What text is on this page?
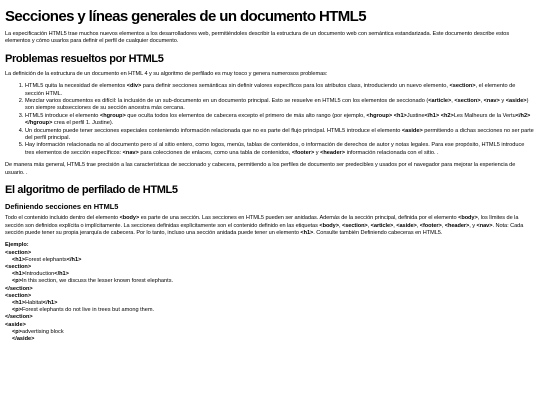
Secciones y líneas generales de un documento HTML5

La especificación HTML5 trae muchos nuevos elementos a los desarrolladores web, permitiéndoles describir la estructura de un documento web con semántica estandarizada. Este documento describe estos elementos y cómo usarlos para definir el perfil de cualquier documento.

Problemas resueltos por HTML5

La definición de la estructura de un documento en HTML 4 y su algoritmo de perfilado es muy tosco y genera numerosos problemas:

1. HTML5 quita la necesidad de elementos <div> para definir secciones semánticas sin definir valores específicos para los atributos class, introduciendo un nuevo elemento, <section>, el elemento de sección HTML.
2. Mezclar varios documentos es difícil: la inclusión de un sub-documento en un documento principal. Esto se resuelve en HTML5 con los elementos de seccionado (<article>, <section>, <nav> y <aside>) son siempre subsecciones de su sección ancestra más cercana.
3. HTML5 introduce el elemento <hgroup> que oculta todos los elementos de cabecera excepto el primero de más alto rango (por ejemplo, <hgroup> <h1>Justine</h1> <h2>Les Malheurs de la Vertu</h2> </hgroup> crea el perfil 1. Justine).
4. Un documento puede tener secciones especiales conteniendo información relacionada que no es parte del flujo principal. HTML5 introduce el elemento <aside> permitiendo a dichas secciones no ser parte del perfil principal.
5. Hay información relacionada no al documento pero sí al sitio entero, como logos, menús, tablas de contenidos, o información de derechos de autor y notas legales. Para ese propósito, HTML5 introduce tres elementos de sección específicos: <nav> para colecciones de enlaces, como una tabla de contenidos, <footer> y <header> información relacionada con el sitio. .

De manera más general, HTML5 trae precisión a las características de seccionado y cabecera, permitiendo a los perfiles de documento ser predecibles y usados por el navegador para mejorar la experiencia de usuario. .

El algoritmo de perfilado de HTML5
Definiendo secciones en HTML5

Todo el contenido incluido dentro del elemento <body> es parte de una sección. Las secciones en HTML5 pueden ser anidadas. Además de la sección principal, definida por el elemento <body>, los límites de la sección son definidos explícita o implícitamente. La secciones definidas explícitamente son el contenido definido en las etiquetas <body>, <section>, <article>, <aside>, <footer>, <header>, y <nav>. Nota: Cada sección puede tener su propia jerarquía de cabecera. Por lo tanto, incluso una sección anidada puede tener un elemento <h1>. Consulte también Definiendo cabeceras en HTML5.

Ejemplo:
<section>
<h1>Forest elephants</h1>
<section>
<h1>Introduction</h1>
<p>In this section, we discuss the lesser known forest elephants.
</section>
<section>
<h1>Habitat</h1>
<p>Forest elephants do not live in trees but among them.
</section>
<aside>
<p>advertising block
</aside>
